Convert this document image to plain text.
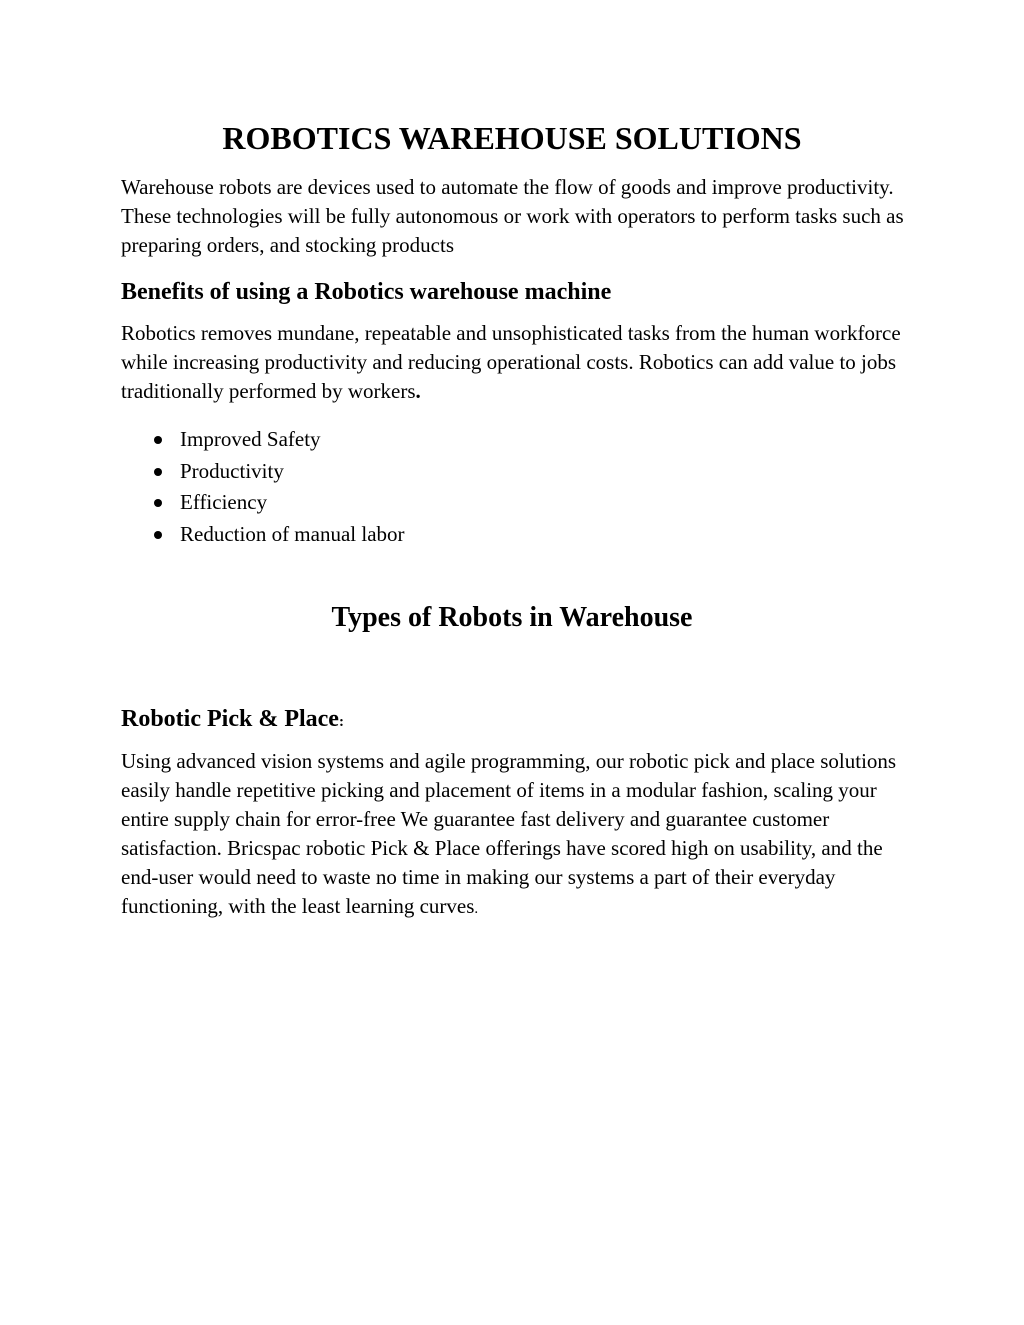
ROBOTICS WAREHOUSE SOLUTIONS

Warehouse robots are devices used to automate the flow of goods and improve productivity. These technologies will be fully autonomous or work with operators to perform tasks such as preparing orders, and stocking products

Benefits of using a Robotics warehouse machine

Robotics removes mundane, repeatable and unsophisticated tasks from the human workforce while increasing productivity and reducing operational costs. Robotics can add value to jobs traditionally performed by workers.

Improved Safety
Productivity
Efficiency
Reduction of manual labor
Types of Robots in Warehouse
Robotic Pick & Place:

Using advanced vision systems and agile programming, our robotic pick and place solutions easily handle repetitive picking and placement of items in a modular fashion, scaling your entire supply chain for error-free We guarantee fast delivery and guarantee customer satisfaction. Bricspac robotic Pick & Place offerings have scored high on usability, and the end-user would need to waste no time in making our systems a part of their everyday functioning, with the least learning curves.
